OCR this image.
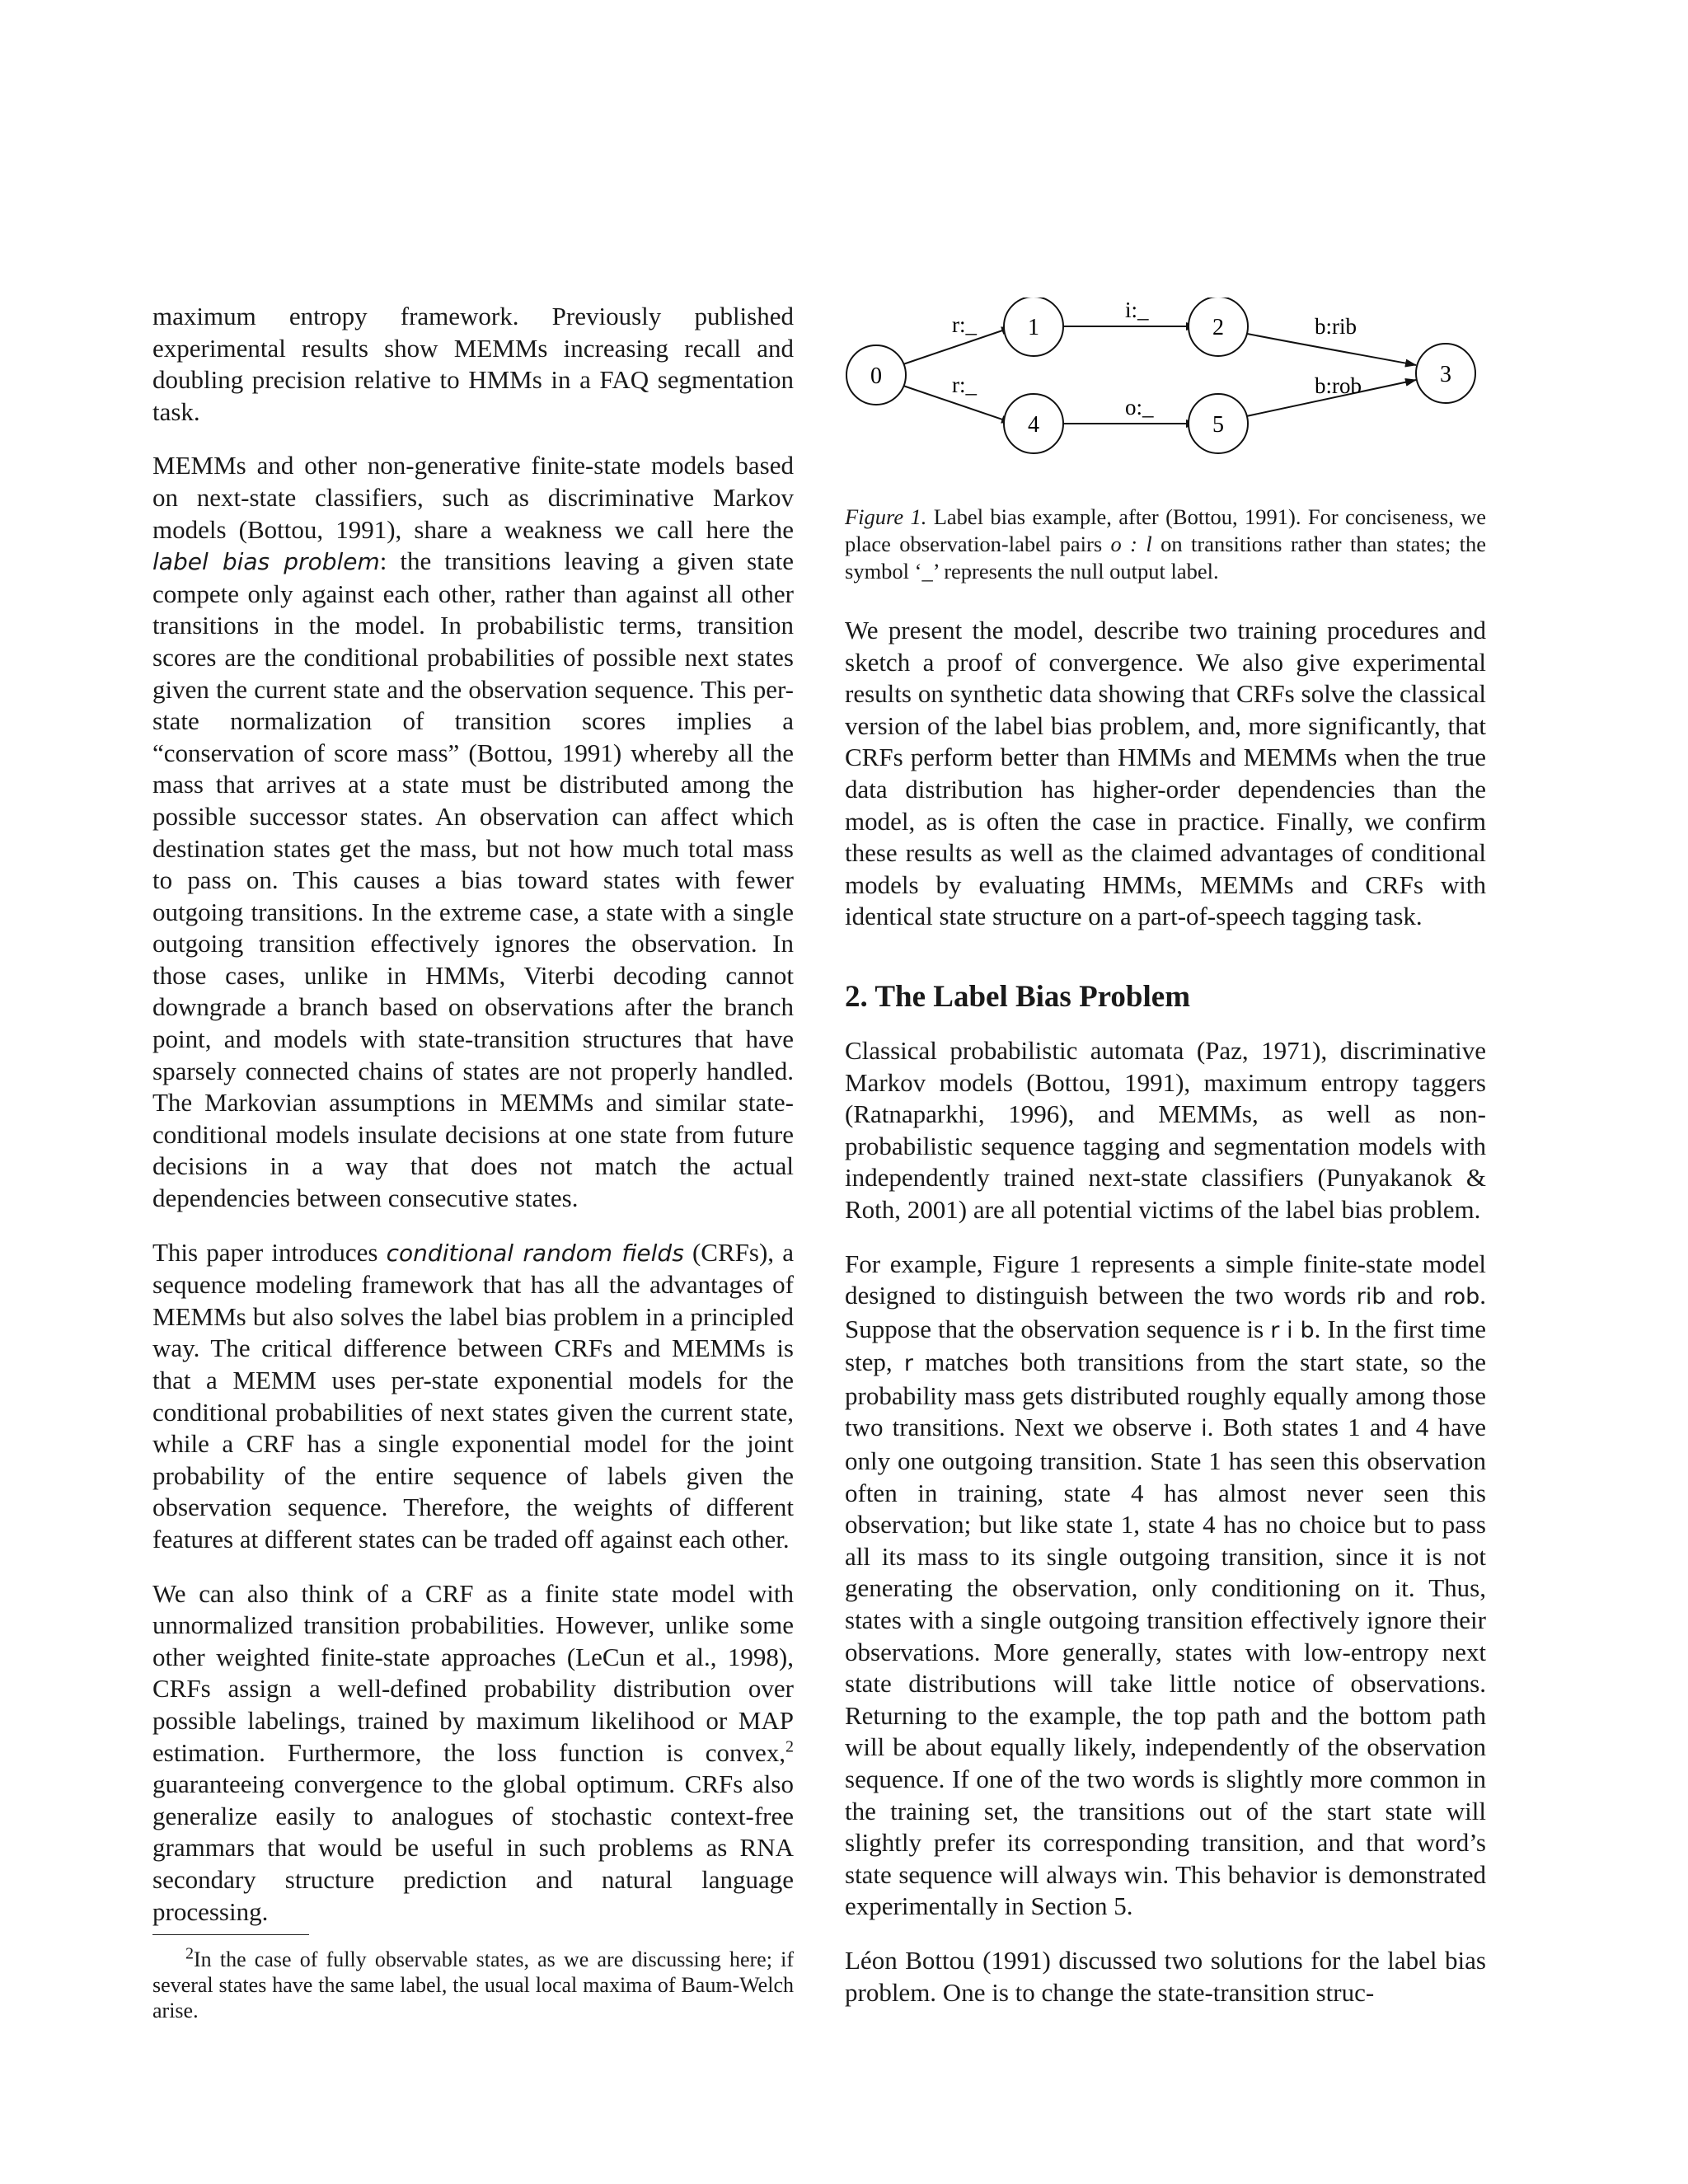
maximum entropy framework. Previously published experimental results show MEMMs increasing recall and doubling precision relative to HMMs in a FAQ segmentation task.

MEMMs and other non-generative finite-state models based on next-state classifiers, such as discriminative Markov models (Bottou, 1991), share a weakness we call here the label bias problem: the transitions leaving a given state compete only against each other, rather than against all other transitions in the model. In probabilistic terms, transition scores are the conditional probabilities of possible next states given the current state and the observation sequence. This per-state normalization of transition scores implies a “conservation of score mass” (Bottou, 1991) whereby all the mass that arrives at a state must be distributed among the possible successor states. An observation can affect which destination states get the mass, but not how much total mass to pass on. This causes a bias toward states with fewer outgoing transitions. In the extreme case, a state with a single outgoing transition effectively ignores the observation. In those cases, unlike in HMMs, Viterbi decoding cannot downgrade a branch based on observations after the branch point, and models with state-transition structures that have sparsely connected chains of states are not properly handled. The Markovian assumptions in MEMMs and similar state-conditional models insulate decisions at one state from future decisions in a way that does not match the actual dependencies between consecutive states.

This paper introduces conditional random fields (CRFs), a sequence modeling framework that has all the advantages of MEMMs but also solves the label bias problem in a principled way. The critical difference between CRFs and MEMMs is that a MEMM uses per-state exponential models for the conditional probabilities of next states given the current state, while a CRF has a single exponential model for the joint probability of the entire sequence of labels given the observation sequence. Therefore, the weights of different features at different states can be traded off against each other.

We can also think of a CRF as a finite state model with unnormalized transition probabilities. However, unlike some other weighted finite-state approaches (LeCun et al., 1998), CRFs assign a well-defined probability distribution over possible labelings, trained by maximum likelihood or MAP estimation. Furthermore, the loss function is convex,$^2$ guaranteeing convergence to the global optimum. CRFs also generalize easily to analogues of stochastic context-free grammars that would be useful in such problems as RNA secondary structure prediction and natural language processing.

$^2$In the case of fully observable states, as we are discussing here; if several states have the same label, the usual local maxima of Baum-Welch arise.

0
1	2
3
4	5
r:_
r:_
i:_
o:_
b:rib
b:rob

Figure 1. Label bias example, after (Bottou, 1991). For conciseness, we place observation-label pairs o : l on transitions rather than states; the symbol ‘_’ represents the null output label.

We present the model, describe two training procedures and sketch a proof of convergence. We also give experimental results on synthetic data showing that CRFs solve the classical version of the label bias problem, and, more significantly, that CRFs perform better than HMMs and MEMMs when the true data distribution has higher-order dependencies than the model, as is often the case in practice. Finally, we confirm these results as well as the claimed advantages of conditional models by evaluating HMMs, MEMMs and CRFs with identical state structure on a part-of-speech tagging task.

2. The Label Bias Problem

Classical probabilistic automata (Paz, 1971), discriminative Markov models (Bottou, 1991), maximum entropy taggers (Ratnaparkhi, 1996), and MEMMs, as well as non-probabilistic sequence tagging and segmentation models with independently trained next-state classifiers (Punyakanok & Roth, 2001) are all potential victims of the label bias problem.

For example, Figure 1 represents a simple finite-state model designed to distinguish between the two words rib and rob. Suppose that the observation sequence is r i b. In the first time step, r matches both transitions from the start state, so the probability mass gets distributed roughly equally among those two transitions. Next we observe i. Both states 1 and 4 have only one outgoing transition. State 1 has seen this observation often in training, state 4 has almost never seen this observation; but like state 1, state 4 has no choice but to pass all its mass to its single outgoing transition, since it is not generating the observation, only conditioning on it. Thus, states with a single outgoing transition effectively ignore their observations. More generally, states with low-entropy next state distributions will take little notice of observations. Returning to the example, the top path and the bottom path will be about equally likely, independently of the observation sequence. If one of the two words is slightly more common in the training set, the transitions out of the start state will slightly prefer its corresponding transition, and that word’s state sequence will always win. This behavior is demonstrated experimentally in Section 5.

Léon Bottou (1991) discussed two solutions for the label bias problem. One is to change the state-transition struc-
